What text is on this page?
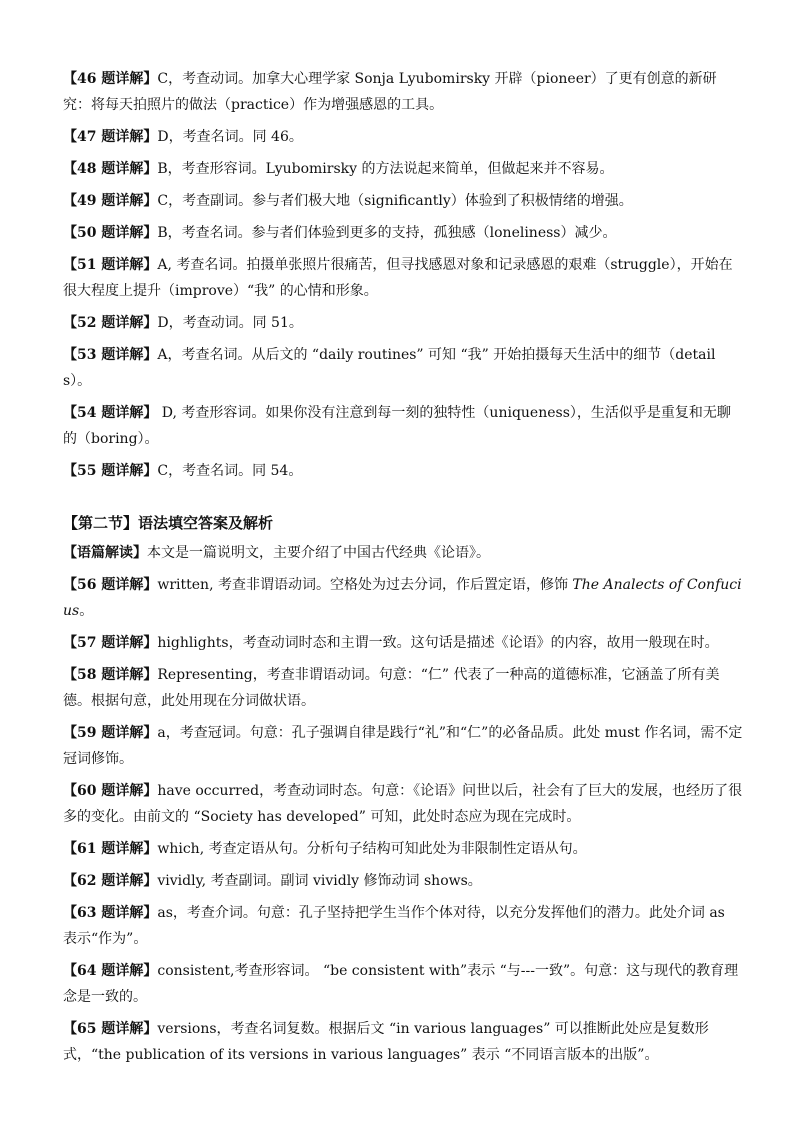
【46 题详解】C，考查动词。加拿大心理学家 Sonja Lyubomirsky 开辟（pioneer）了更有创意的新研究：将每天拍照片的做法（practice）作为增强感恩的工具。

【47 题详解】D，考查名词。同 46。

【48 题详解】B，考查形容词。Lyubomirsky 的方法说起来简单，但做起来并不容易。

【49 题详解】C，考查副词。参与者们极大地（significantly）体验到了积极情绪的增强。

【50 题详解】B，考查名词。参与者们体验到更多的支持，孤独感（loneliness）减少。

【51 题详解】A, 考查名词。拍摄单张照片很痛苦，但寻找感恩对象和记录感恩的艰难（struggle），开始在很大程度上提升（improve）“我” 的心情和形象。

【52 题详解】D，考查动词。同 51。

【53 题详解】A，考查名词。从后文的 “daily routines” 可知 “我” 开始拍摄每天生活中的细节（details）。

【54 题详解】 D, 考查形容词。如果你没有注意到每一刻的独特性（uniqueness），生活似乎是重复和无聊的（boring）。

【55 题详解】C，考查名词。同 54。

【第二节】语法填空答案及解析

【语篇解读】本文是一篇说明文，主要介绍了中国古代经典《论语》。

【56 题详解】written, 考查非谓语动词。空格处为过去分词，作后置定语，修饰 The Analects of Confucius。

【57 题详解】highlights，考查动词时态和主谓一致。这句话是描述《论语》的内容，故用一般现在时。

【58 题详解】Representing，考查非谓语动词。句意：“仁” 代表了一种高的道德标准，它涵盖了所有美德。根据句意，此处用现在分词做状语。

【59 题详解】a，考查冠词。句意：孔子强调自律是践行“礼”和“仁”的必备品质。此处 must 作名词，需不定冠词修饰。

【60 题详解】have occurred，考查动词时态。句意：《论语》问世以后，社会有了巨大的发展，也经历了很多的变化。由前文的 “Society has developed” 可知，此处时态应为现在完成时。

【61 题详解】which, 考查定语从句。分析句子结构可知此处为非限制性定语从句。

【62 题详解】vividly, 考查副词。副词 vividly 修饰动词 shows。

【63 题详解】as，考查介词。句意：孔子坚持把学生当作个体对待，以充分发挥他们的潜力。此处介词 as 表示“作为”。

【64 题详解】consistent,考查形容词。 “be consistent with”表示 “与---一致”。句意：这与现代的教育理念是一致的。

【65 题详解】versions，考查名词复数。根据后文 “in various languages” 可以推断此处应是复数形式，“the publication of its versions in various languages” 表示 “不同语言版本的出版”。
